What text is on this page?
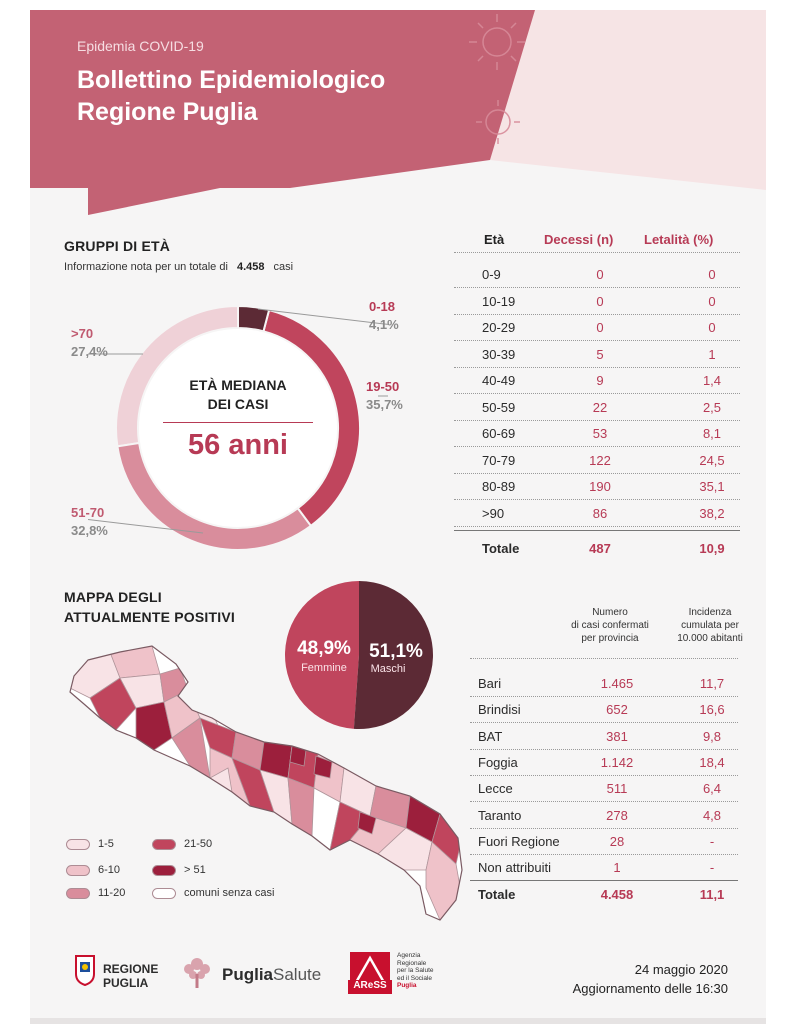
Epidemia COVID-19
Bollettino Epidemiologico
Regione Puglia
GRUPPI DI ETÀ
Informazione nota per un totale di 4.458 casi
0-18
4,1%
19-50
35,7%
51-70
32,8%
>70
27,4%
ETÀ MEDIANA
DEI CASI
56 anni
Età	Decessi (n) Letalità (%)
0-9	0	0
10-19	0	0
20-29	0	0
30-39	5	1
40-49	9	1,4
50-59	22	2,5
60-69	53	8,1
70-79	122	24,5
80-89	190	35,1
>90	86	38,2
Totale	487	10,9
MAPPA DEGLI
ATTUALMENTE POSITIVI
1-5
6-10
11-20
21-50
> 51
comuni senza casi
48,9%
Femmine
51,1%
Maschi
Numero
di casi confermati
per provincia
Incidenza
cumulata per
10.000 abitanti
Bari	1.465	11,7
Brindisi	652	16,6
BAT	381	9,8
Foggia	1.142	18,4
Lecce	511	6,4
Taranto	278	4,8
Fuori Regione	28	-
Non attribuiti	1	-
Totale	4.458	11,1
REGIONE
PUGLIA	PugliaSalute
AReSS
Agenzia
Regionale
per la Salute
ed il Sociale
Puglia
24 maggio 2020
Aggiornamento delle 16:30
